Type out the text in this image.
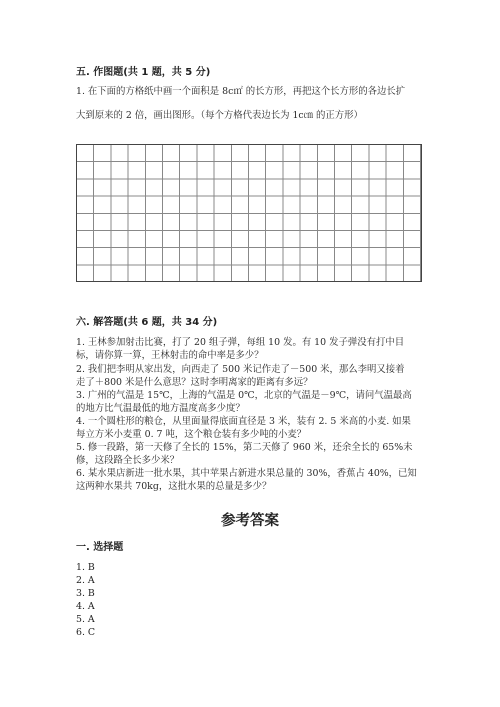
五. 作图题(共 1 题，共 5 分)
1. 在下面的方格纸中画一个面积是 8c㎡ 的长方形，再把这个长方形的各边长扩
大到原来的 2 倍，画出图形。（每个方格代表边长为 1c㎝ 的正方形）
六. 解答题(共 6 题，共 34 分)
1. 王林参加射击比赛，打了 20 组子弹，每组 10 发。有 10 发子弹没有打中目
标，请你算一算，王林射击的命中率是多少？
2. 我们把李明从家出发，向西走了 500 米记作走了－500 米，那么李明又接着
走了＋800 米是什么意思？这时李明离家的距离有多远？
3. 广州的气温是 15℃，上海的气温是 0℃，北京的气温是－9℃，请问气温最高
的地方比气温最低的地方温度高多少度？
4. 一个圆柱形的粮仓，从里面量得底面直径是 3 米，装有 2. 5 米高的小麦. 如果
每立方米小麦重 0. 7 吨，这个粮仓装有多少吨的小麦？
5. 修一段路，第一天修了全长的 15%，第二天修了 960 米，还余全长的 65%未
修，这段路全长多少米？
6. 某水果店新进一批水果，其中苹果占新进水果总量的 30%，香蕉占 40%，已知
这两种水果共 70kg，这批水果的总量是多少？
参考答案
一. 选择题
1. B
2. A
3. B
4. A
5. A
6. C
